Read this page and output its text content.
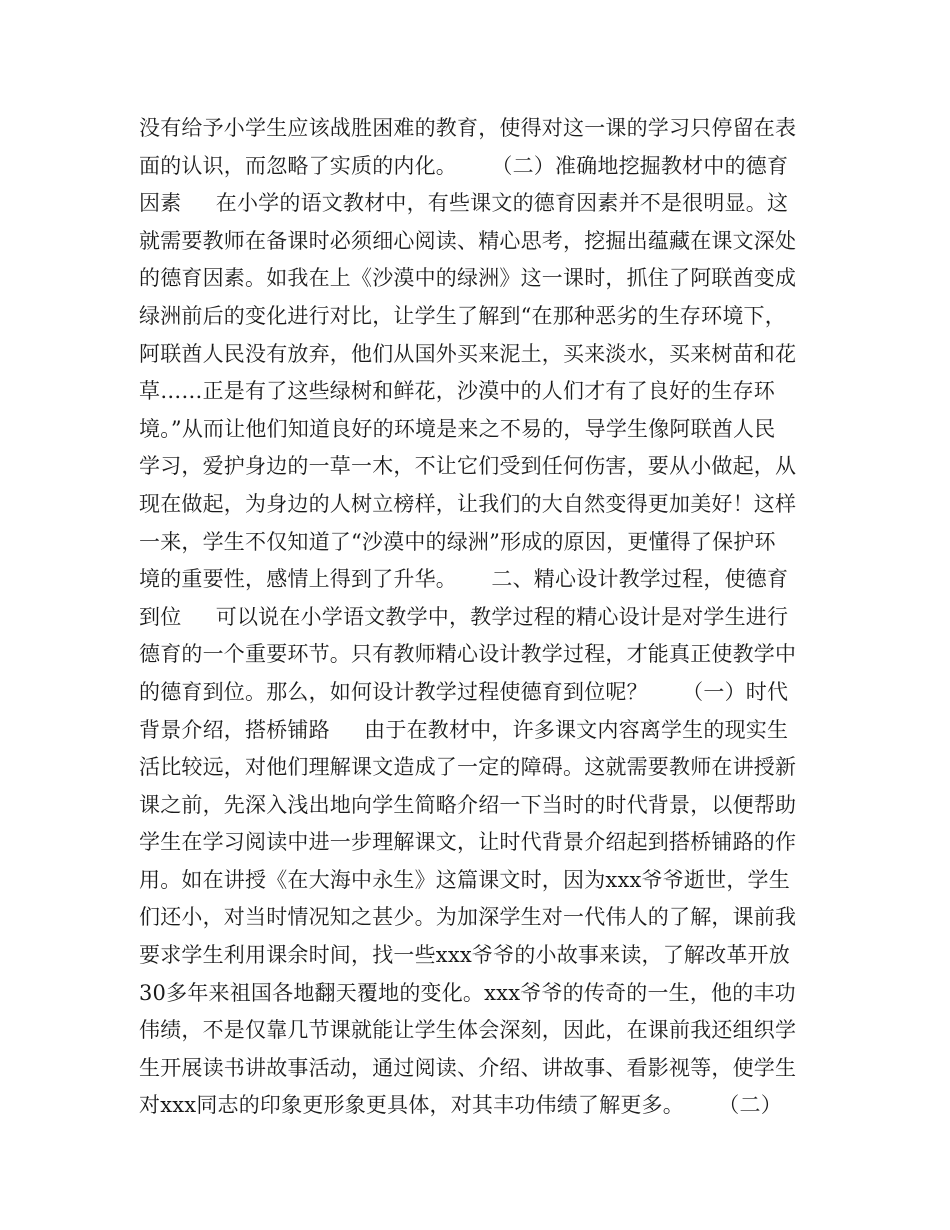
没有给予小学生应该战胜困难的教育，使得对这一课的学习只停留在表
面的认识，而忽略了实质的内化。     （二）准确地挖掘教材中的德育
因素     在小学的语文教材中，有些课文的德育因素并不是很明显。这
就需要教师在备课时必须细心阅读、精心思考，挖掘出蕴藏在课文深处
的德育因素。如我在上《沙漠中的绿洲》这一课时，抓住了阿联酋变成
绿洲前后的变化进行对比，让学生了解到“在那种恶劣的生存环境下，
阿联酋人民没有放弃，他们从国外买来泥土，买来淡水，买来树苗和花
草……正是有了这些绿树和鲜花，沙漠中的人们才有了良好的生存环
境。”从而让他们知道良好的环境是来之不易的，导学生像阿联酋人民
学习，爱护身边的一草一木，不让它们受到任何伤害，要从小做起，从
现在做起，为身边的人树立榜样，让我们的大自然变得更加美好！这样
一来，学生不仅知道了“沙漠中的绿洲”形成的原因，更懂得了保护环
境的重要性，感情上得到了升华。     二、精心设计教学过程，使德育
到位     可以说在小学语文教学中，教学过程的精心设计是对学生进行
德育的一个重要环节。只有教师精心设计教学过程，才能真正使教学中
的德育到位。那么，如何设计教学过程使德育到位呢？     （一）时代
背景介绍，搭桥铺路     由于在教材中，许多课文内容离学生的现实生
活比较远，对他们理解课文造成了一定的障碍。这就需要教师在讲授新
课之前，先深入浅出地向学生简略介绍一下当时的时代背景，以便帮助
学生在学习阅读中进一步理解课文，让时代背景介绍起到搭桥铺路的作
用。如在讲授《在大海中永生》这篇课文时，因为xxx爷爷逝世，学生
们还小，对当时情况知之甚少。为加深学生对一代伟人的了解，课前我
要求学生利用课余时间，找一些xxx爷爷的小故事来读，了解改革开放
30多年来祖国各地翻天覆地的变化。xxx爷爷的传奇的一生，他的丰功
伟绩，不是仅靠几节课就能让学生体会深刻，因此，在课前我还组织学
生开展读书讲故事活动，通过阅读、介绍、讲故事、看影视等，使学生
对xxx同志的印象更形象更具体，对其丰功伟绩了解更多。     （二）
